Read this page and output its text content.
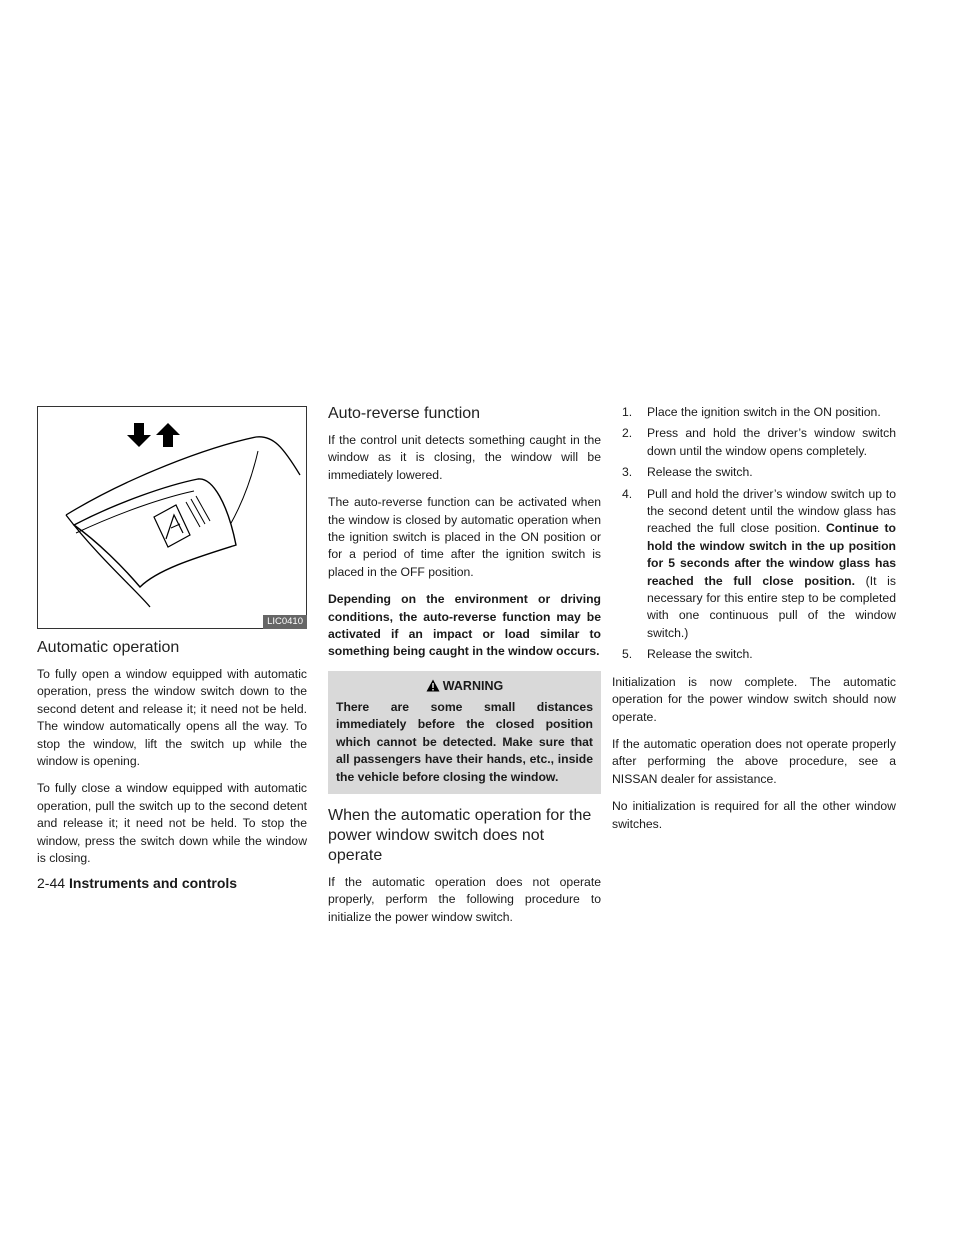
LIC0410
Automatic operation

To fully open a window equipped with automatic operation, press the window switch down to the second detent and release it; it need not be held. The window automatically opens all the way. To stop the window, lift the switch up while the window is opening.

To fully close a window equipped with automatic operation, pull the switch up to the second detent and release it; it need not be held. To stop the window, press the switch down while the window is closing.

Auto-reverse function

If the control unit detects something caught in the window as it is closing, the window will be immediately lowered.

The auto-reverse function can be activated when the window is closed by automatic operation when the ignition switch is placed in the ON position or for a period of time after the ignition switch is placed in the OFF position.

Depending on the environment or driving conditions, the auto-reverse function may be activated if an impact or load similar to something being caught in the window occurs.

WARNING
There are some small distances immediately before the closed position which cannot be detected. Make sure that all passengers have their hands, etc., inside the vehicle before closing the window.
When the automatic operation for the power window switch does not operate

If the automatic operation does not operate properly, perform the following procedure to initialize the power window switch.

1. Place the ignition switch in the ON position.
2. Press and hold the driver’s window switch down until the window opens completely.
3. Release the switch.
4. Pull and hold the driver’s window switch up to the second detent until the window glass has reached the full close position. Continue to hold the window switch in the up position for 5 seconds after the window glass has reached the full close position. (It is necessary for this entire step to be completed with one continuous pull of the window switch.)
5. Release the switch.

Initialization is now complete. The automatic operation for the power window switch should now operate.

If the automatic operation does not operate properly after performing the above procedure, see a NISSAN dealer for assistance.

No initialization is required for all the other window switches.

2-44 Instruments and controls
